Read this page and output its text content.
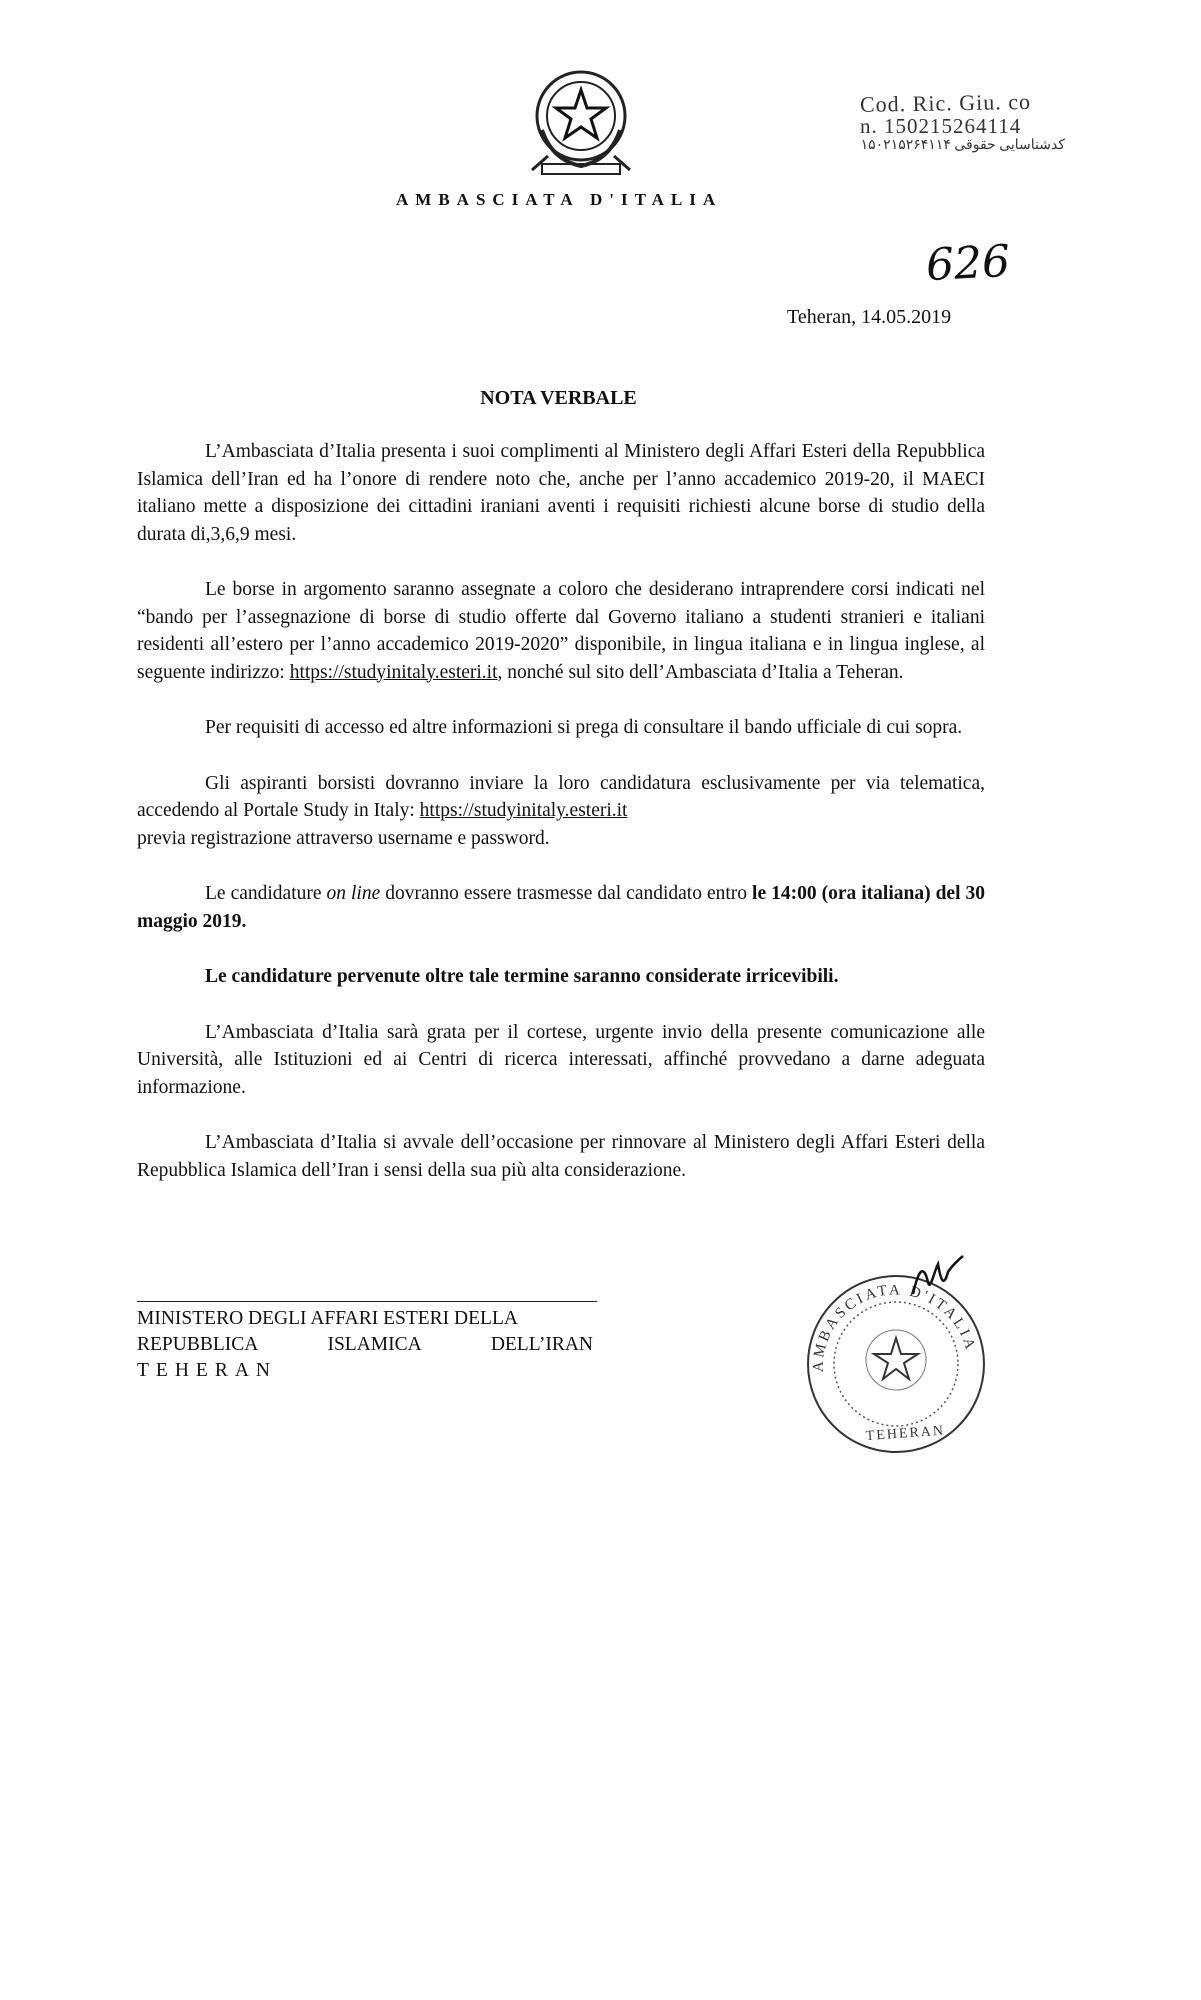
Cod. Ric. Giu. co
n. 150215264114
کدشناسایی حقوقی ۱۵۰۲۱۵۲۶۴۱۱۴
AMBASCIATA D'ITALIA
626
Teheran, 14.05.2019
NOTA VERBALE

L’Ambasciata d’Italia presenta i suoi complimenti al Ministero degli Affari Esteri della Repubblica Islamica dell’Iran ed ha l’onore di rendere noto che, anche per l’anno accademico 2019-20, il MAECI italiano mette a disposizione dei cittadini iraniani aventi i requisiti richiesti alcune borse di studio della durata di,3,6,9 mesi.

Le borse in argomento saranno assegnate a coloro che desiderano intraprendere corsi indicati nel “bando per l’assegnazione di borse di studio offerte dal Governo italiano a studenti stranieri e italiani residenti all’estero per l’anno accademico 2019-2020” disponibile, in lingua italiana e in lingua inglese, al seguente indirizzo: https://studyinitaly.esteri.it, nonché sul sito dell’Ambasciata d’Italia a Teheran.

Per requisiti di accesso ed altre informazioni si prega di consultare il bando ufficiale di cui sopra.

Gli aspiranti borsisti dovranno inviare la loro candidatura esclusivamente per via telematica, accedendo al Portale Study in Italy: https://studyinitaly.esteri.it
previa registrazione attraverso username e password.

Le candidature on line dovranno essere trasmesse dal candidato entro le 14:00 (ora italiana) del 30 maggio 2019.

Le candidature pervenute oltre tale termine saranno considerate irricevibili.

L’Ambasciata d’Italia sarà grata per il cortese, urgente invio della presente comunicazione alle Università, alle Istituzioni ed ai Centri di ricerca interessati, affinché provvedano a darne adeguata informazione.

L’Ambasciata d’Italia si avvale dell’occasione per rinnovare al Ministero degli Affari Esteri della Repubblica Islamica dell’Iran i sensi della sua più alta considerazione.

MINISTERO DEGLI AFFARI ESTERI DELLA
REPUBBLICA	ISLAMICA	DELL’IRAN
TEHERAN	AMBASCIATA D'ITALIA
TEHERAN
